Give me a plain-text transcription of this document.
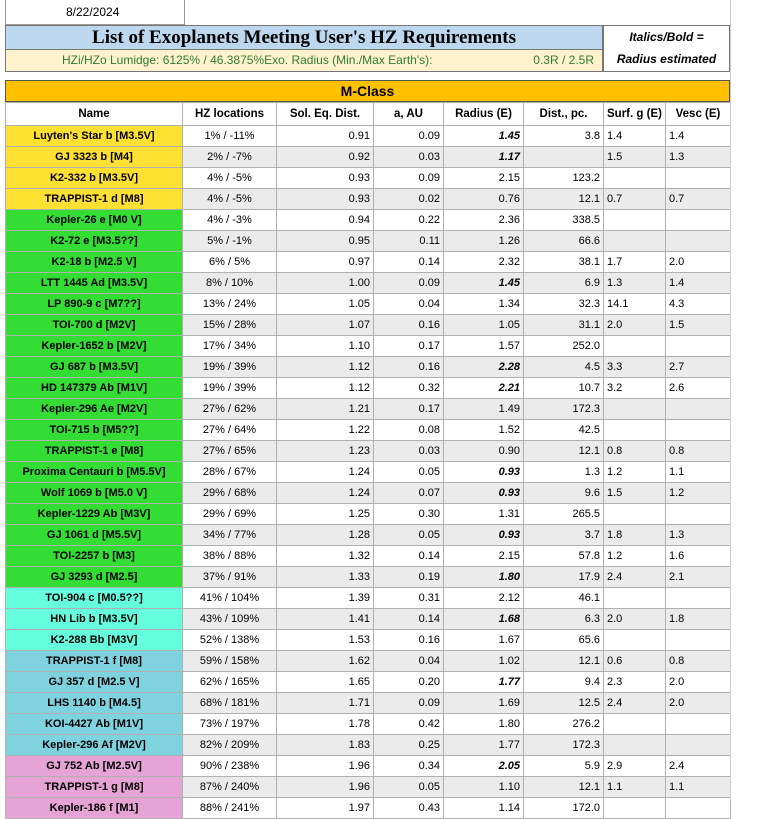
8/22/2024
List of Exoplanets Meeting User's HZ Requirements
HZi/HZo Lumidge: 6125% / 46.3875%Exo. Radius (Min./Max Earth's):	0.3R / 2.5R
Italics/Bold =
Radius estimated
M-Class
Name	HZ locations	Sol. Eq. Dist.	a, AU	Radius (E)	Dist., pc.	Surf. g (E)	Vesc (E)
Luyten's Star b [M3.5V]	1% / -11%	0.91	0.09	1.45	3.8	1.4	1.4
GJ 3323 b [M4]	2% / -7%	0.92	0.03	1.17		1.5	1.3
K2-332 b [M3.5V]	4% / -5%	0.93	0.09	2.15	123.2		
TRAPPIST-1 d [M8]	4% / -5%	0.93	0.02	0.76	12.1	0.7	0.7
Kepler-26 e [M0 V]	4% / -3%	0.94	0.22	2.36	338.5		
K2-72 e [M3.5??]	5% / -1%	0.95	0.11	1.26	66.6		
K2-18 b [M2.5 V]	6% / 5%	0.97	0.14	2.32	38.1	1.7	2.0
LTT 1445 Ad [M3.5V]	8% / 10%	1.00	0.09	1.45	6.9	1.3	1.4
LP 890-9 c [M7??]	13% / 24%	1.05	0.04	1.34	32.3	14.1	4.3
TOI-700 d [M2V]	15% / 28%	1.07	0.16	1.05	31.1	2.0	1.5
Kepler-1652 b [M2V]	17% / 34%	1.10	0.17	1.57	252.0		
GJ 687 b [M3.5V]	19% / 39%	1.12	0.16	2.28	4.5	3.3	2.7
HD 147379 Ab [M1V]	19% / 39%	1.12	0.32	2.21	10.7	3.2	2.6
Kepler-296 Ae [M2V]	27% / 62%	1.21	0.17	1.49	172.3		
TOI-715 b [M5??]	27% / 64%	1.22	0.08	1.52	42.5		
TRAPPIST-1 e [M8]	27% / 65%	1.23	0.03	0.90	12.1	0.8	0.8
Proxima Centauri b [M5.5V]	28% / 67%	1.24	0.05	0.93	1.3	1.2	1.1
Wolf 1069 b [M5.0 V]	29% / 68%	1.24	0.07	0.93	9.6	1.5	1.2
Kepler-1229 Ab [M3V]	29% / 69%	1.25	0.30	1.31	265.5		
GJ 1061 d [M5.5V]	34% / 77%	1.28	0.05	0.93	3.7	1.8	1.3
TOI-2257 b [M3]	38% / 88%	1.32	0.14	2.15	57.8	1.2	1.6
GJ 3293 d [M2.5]	37% / 91%	1.33	0.19	1.80	17.9	2.4	2.1
TOI-904 c [M0.5??]	41% / 104%	1.39	0.31	2.12	46.1		
HN Lib b [M3.5V]	43% / 109%	1.41	0.14	1.68	6.3	2.0	1.8
K2-288 Bb [M3V]	52% / 138%	1.53	0.16	1.67	65.6		
TRAPPIST-1 f [M8]	59% / 158%	1.62	0.04	1.02	12.1	0.6	0.8
GJ 357 d [M2.5 V]	62% / 165%	1.65	0.20	1.77	9.4	2.3	2.0
LHS 1140 b [M4.5]	68% / 181%	1.71	0.09	1.69	12.5	2.4	2.0
KOI-4427 Ab [M1V]	73% / 197%	1.78	0.42	1.80	276.2		
Kepler-296 Af [M2V]	82% / 209%	1.83	0.25	1.77	172.3		
GJ 752 Ab [M2.5V]	90% / 238%	1.96	0.34	2.05	5.9	2.9	2.4
TRAPPIST-1 g [M8]	87% / 240%	1.96	0.05	1.10	12.1	1.1	1.1
Kepler-186 f [M1]	88% / 241%	1.97	0.43	1.14	172.0		
